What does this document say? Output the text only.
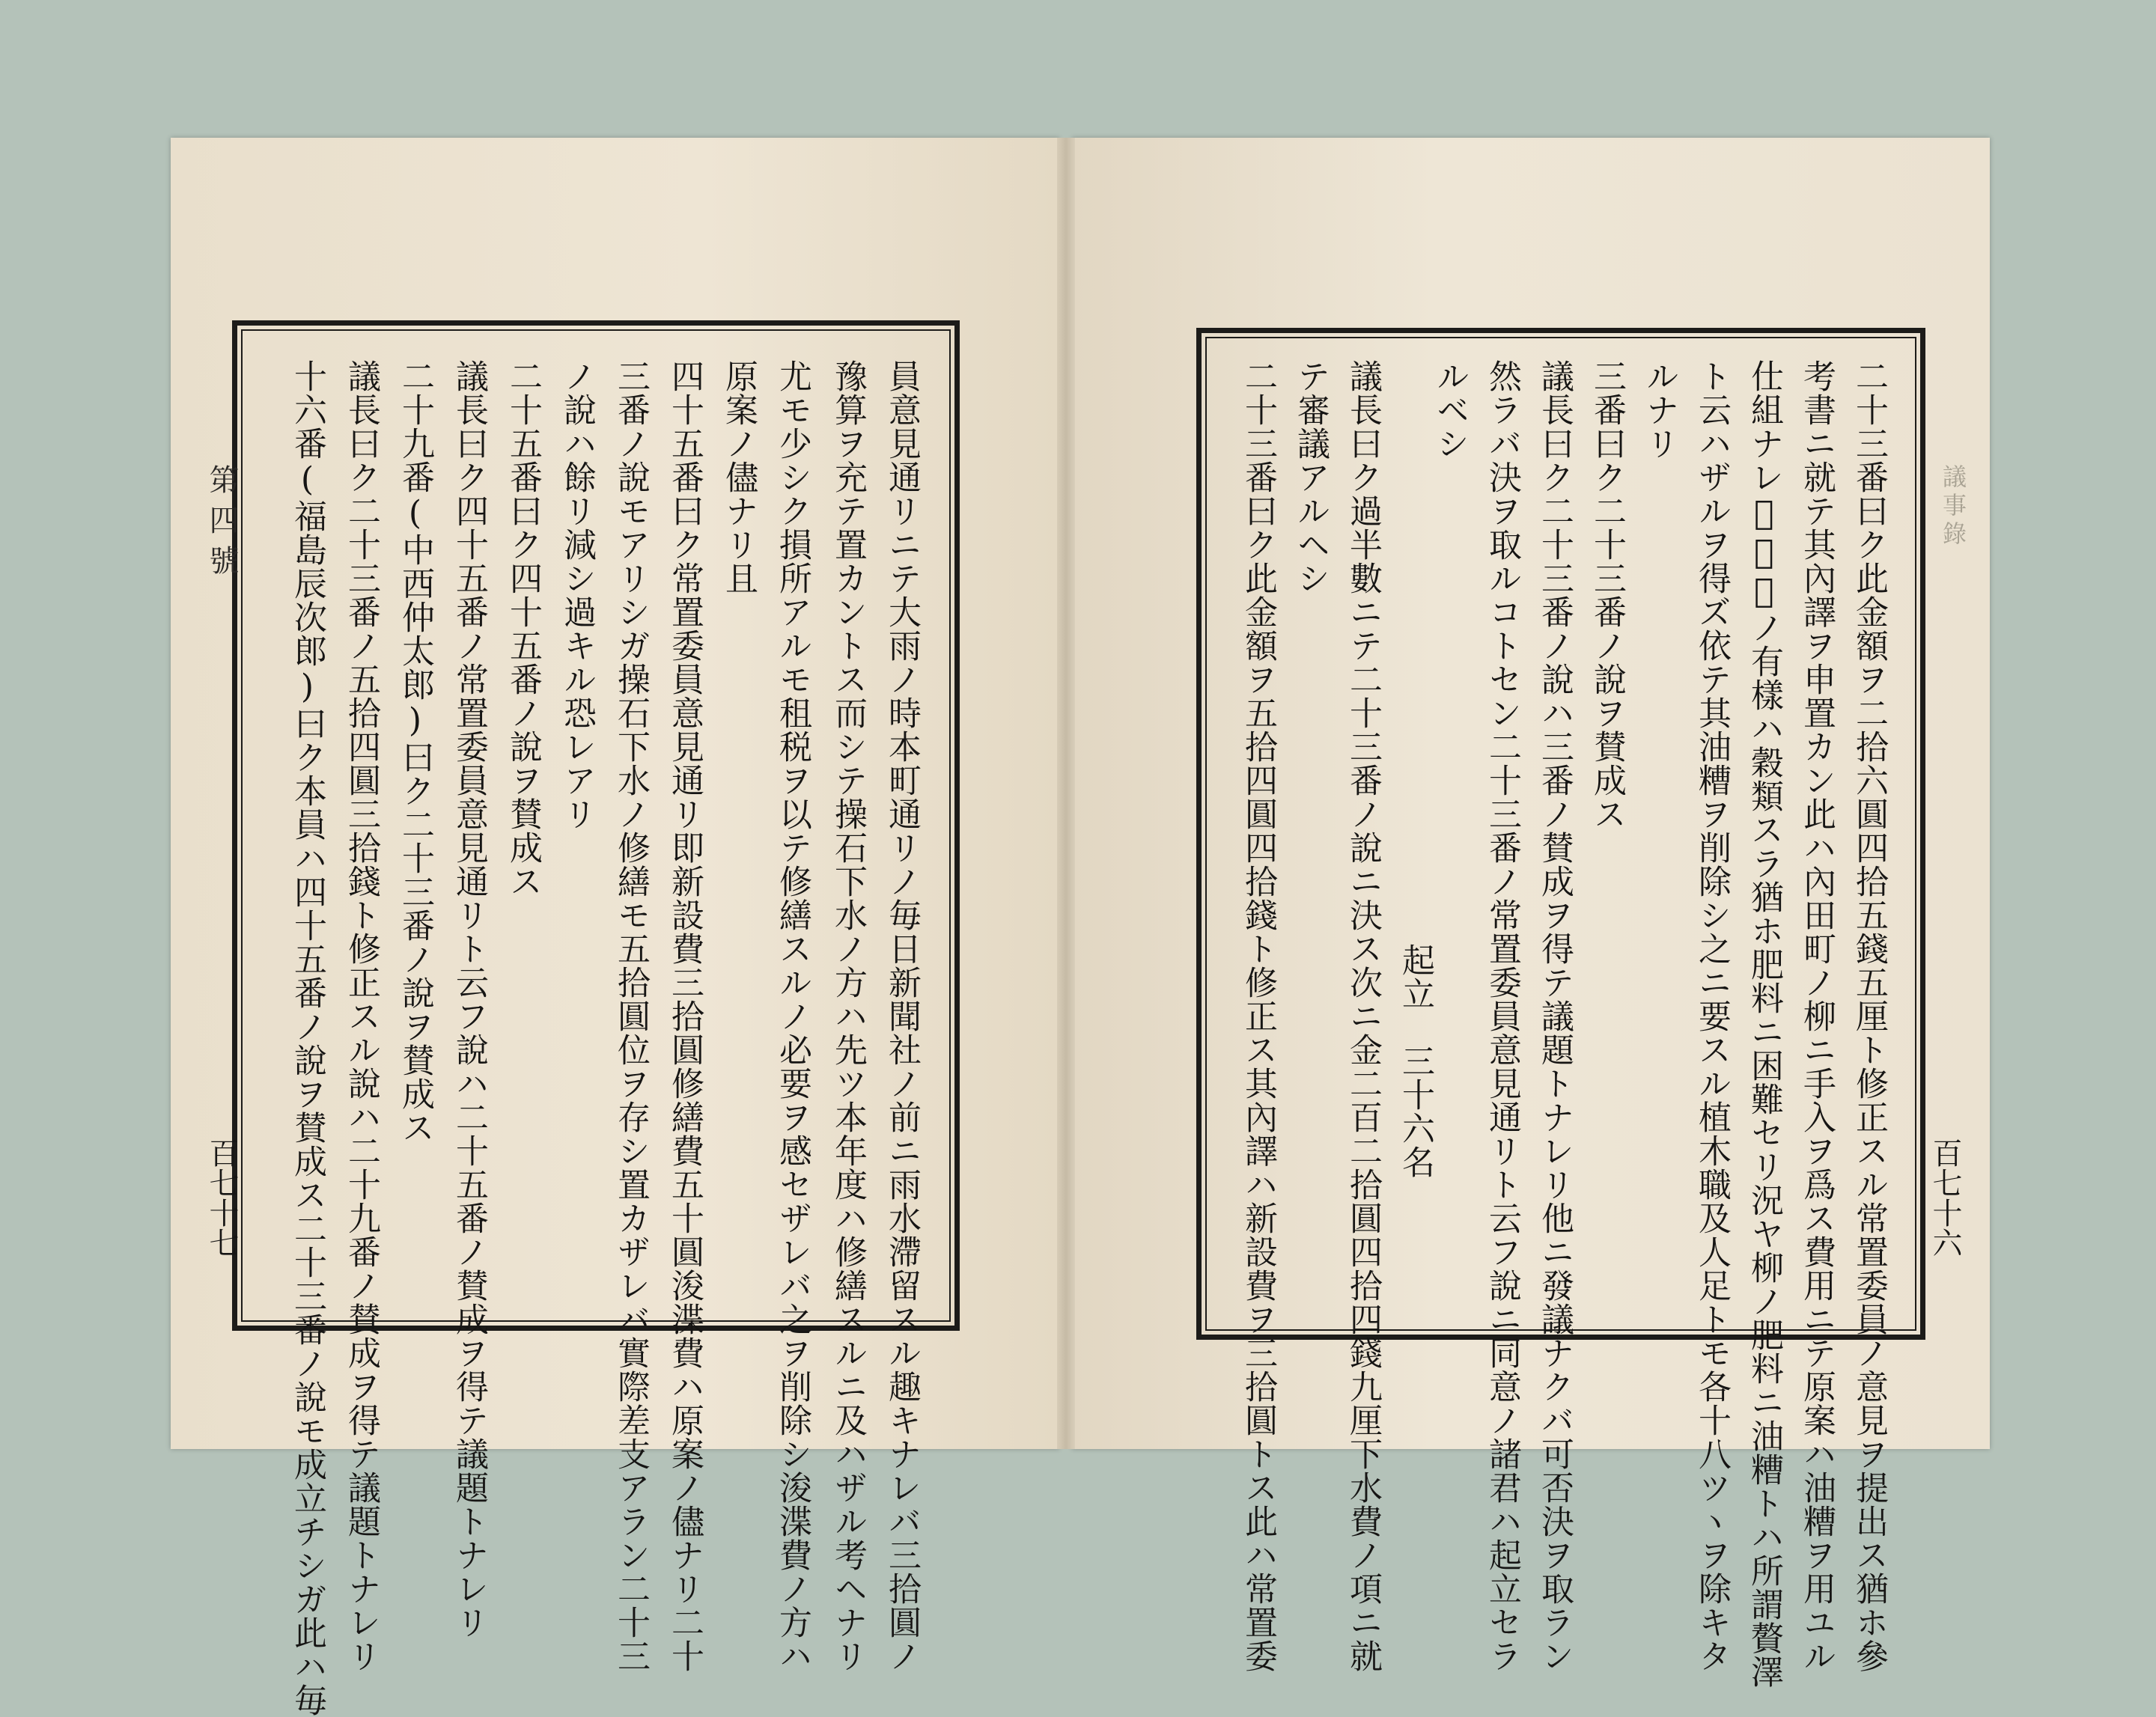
第四號
百七十七
議事錄
百七十六
員意見通リニテ大雨ノ時本町通リノ毎日新聞社ノ前ニ雨水滯留スル趣キナレバ三拾圓ノ
豫算ヲ充テ置カントス而シテ操石下水ノ方ハ先ツ本年度ハ修繕スルニ及ハザル考ヘナリ
尤モ少シク損所アルモ租税ヲ以テ修繕スルノ必要ヲ感セザレバ之ヲ削除シ浚渫費ノ方ハ
原案ノ儘ナリ且
四十五番曰ク常置委員意見通リ即新設費三拾圓修繕費五十圓浚渫費ハ原案ノ儘ナリ二十
三番ノ說モアリシガ操石下水ノ修繕モ五拾圓位ヲ存シ置カザレバ實際差支アラン二十三
ノ說ハ餘リ減シ過キル恐レアリ
二十五番曰ク四十五番ノ說ヲ賛成ス
議長曰ク四十五番ノ常置委員意見通リト云フ說ハ二十五番ノ賛成ヲ得テ議題トナレリ
二十九番(中西仲太郎)曰ク二十三番ノ說ヲ賛成ス
議長曰ク二十三番ノ五拾四圓三拾錢ト修正スル說ハ二十九番ノ賛成ヲ得テ議題トナレリ
十六番(福島辰次郎)曰ク本員ハ四十五番ノ說ヲ賛成ス二十三番ノ說モ成立チシガ此ハ毎	二十三番曰ク此金額ヲ二拾六圓四拾五錢五厘ト修正スル常置委員ノ意見ヲ提出ス猶ホ參
考書ニ就テ其內譯ヲ申置カン此ハ內田町ノ柳ニ手入ヲ爲ス費用ニテ原案ハ油糟ヲ用ユル
仕組ナレ𪜈民間ノ有樣ハ穀類スラ猶ホ肥料ニ困難セリ況ヤ柳ノ肥料ニ油糟トハ所謂贅澤
ト云ハザルヲ得ズ依テ其油糟ヲ削除シ之ニ要スル植木職及人足トモ各十八ツヽヲ除キタ
ルナリ
三番曰ク二十三番ノ說ヲ賛成ス
議長曰ク二十三番ノ說ハ三番ノ賛成ヲ得テ議題トナレリ他ニ發議ナクバ可否決ヲ取ラン
然ラバ決ヲ取ルコトセン二十三番ノ常置委員意見通リト云フ說ニ同意ノ諸君ハ起立セラ
ルベシ
起立　三十六名
議長曰ク過半數ニテ二十三番ノ說ニ決ス次ニ金二百二拾圓四拾四錢九厘下水費ノ項ニ就
テ審議アルヘシ
二十三番曰ク此金額ヲ五拾四圓四拾錢ト修正ス其內譯ハ新設費ヲ三拾圓トス此ハ常置委
